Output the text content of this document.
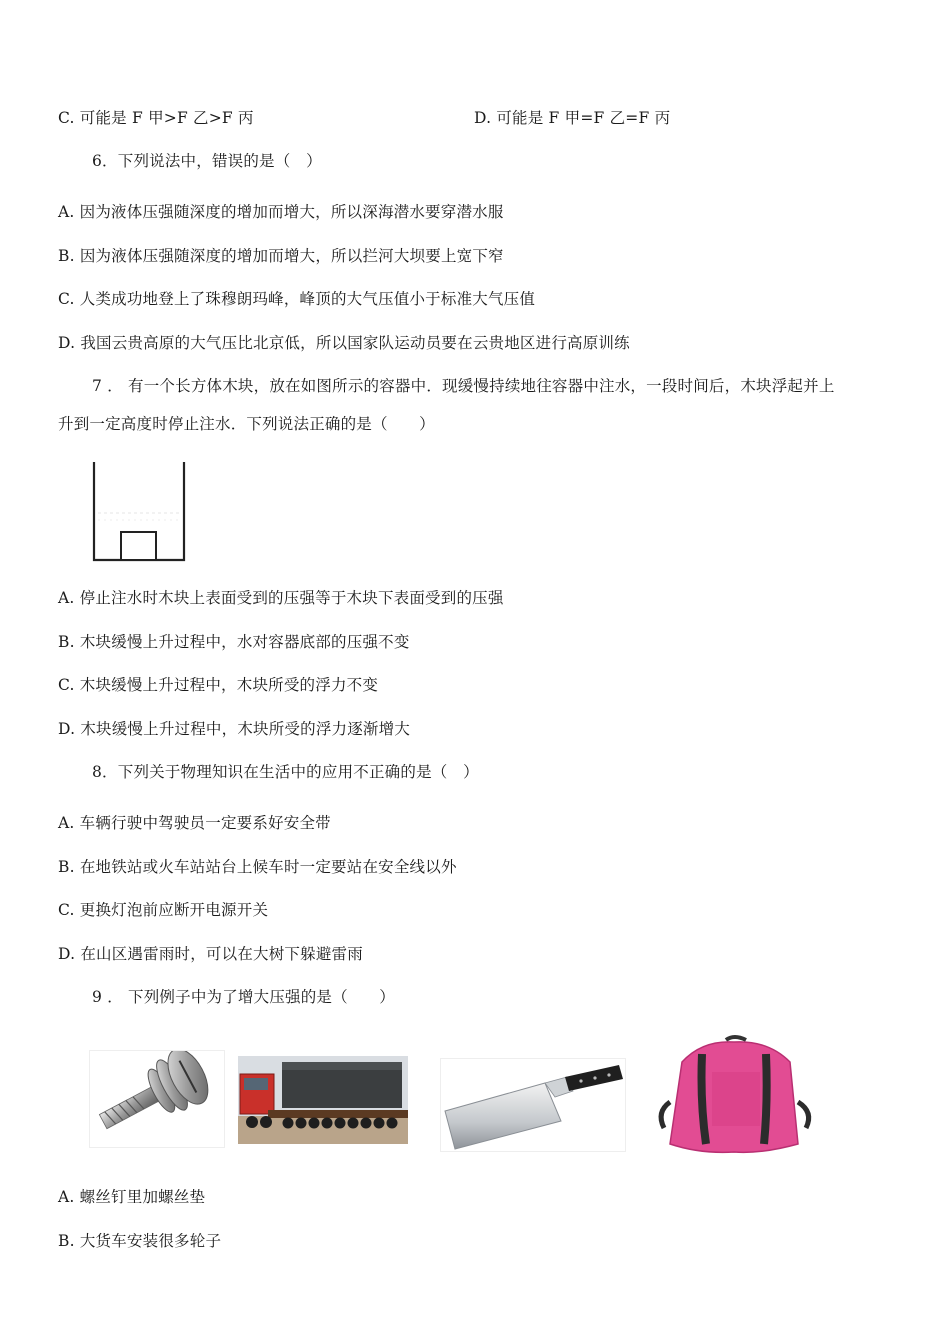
C. 可能是 F 甲>F 乙>F 丙	D. 可能是 F 甲=F 乙=F 丙
6．下列说法中，错误的是（　）
A. 因为液体压强随深度的增加而增大，所以深海潜水要穿潜水服
B. 因为液体压强随深度的增加而增大，所以拦河大坝要上宽下窄
C. 人类成功地登上了珠穆朗玛峰，峰顶的大气压值小于标准大气压值
D. 我国云贵高原的大气压比北京低，所以国家队运动员要在云贵地区进行高原训练
7 ． 有一个长方体木块，放在如图所示的容器中．现缓慢持续地往容器中注水，一段时间后，木块浮起并上
升到一定高度时停止注水．下列说法正确的是（　　）
A. 停止注水时木块上表面受到的压强等于木块下表面受到的压强
B. 木块缓慢上升过程中，水对容器底部的压强不变
C. 木块缓慢上升过程中，木块所受的浮力不变
D. 木块缓慢上升过程中，木块所受的浮力逐渐增大
8．下列关于物理知识在生活中的应用不正确的是（　）
A. 车辆行驶中驾驶员一定要系好安全带
B. 在地铁站或火车站站台上候车时一定要站在安全线以外
C. 更换灯泡前应断开电源开关
D. 在山区遇雷雨时，可以在大树下躲避雷雨
9 ． 下列例子中为了增大压强的是（　　）
A. 螺丝钉里加螺丝垫
B. 大货车安装很多轮子
